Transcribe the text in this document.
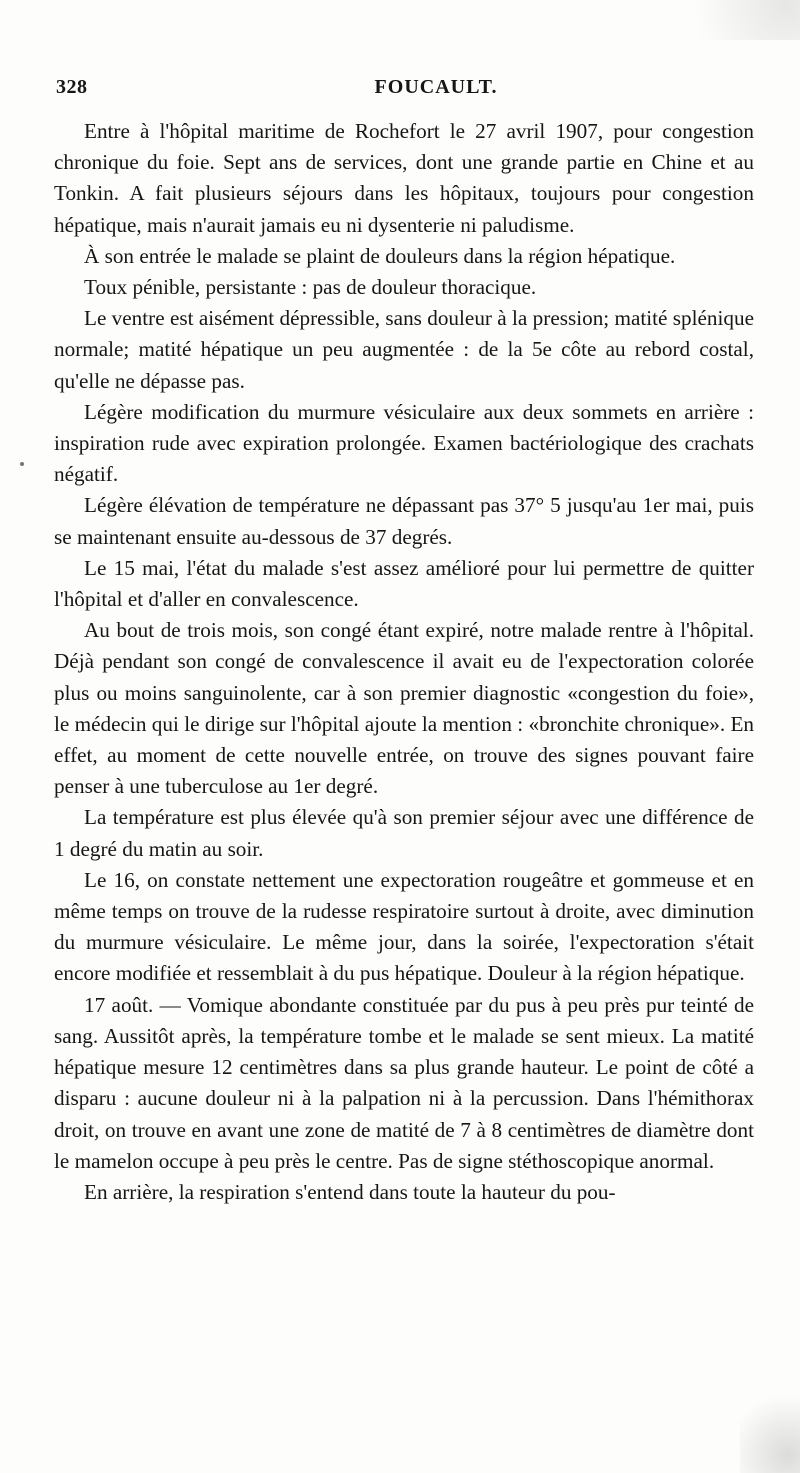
328	FOUCAULT.

Entre à l'hôpital maritime de Rochefort le 27 avril 1907, pour congestion chronique du foie. Sept ans de services, dont une grande partie en Chine et au Tonkin. A fait plusieurs séjours dans les hôpitaux, toujours pour congestion hépatique, mais n'aurait jamais eu ni dysenterie ni paludisme.

À son entrée le malade se plaint de douleurs dans la région hépatique.

Toux pénible, persistante : pas de douleur thoracique.

Le ventre est aisément dépressible, sans douleur à la pression; matité splénique normale; matité hépatique un peu augmentée : de la 5e côte au rebord costal, qu'elle ne dépasse pas.

Légère modification du murmure vésiculaire aux deux sommets en arrière : inspiration rude avec expiration prolongée. Examen bactériologique des crachats négatif.

Légère élévation de température ne dépassant pas 37° 5 jusqu'au 1er mai, puis se maintenant ensuite au-dessous de 37 degrés.

Le 15 mai, l'état du malade s'est assez amélioré pour lui permettre de quitter l'hôpital et d'aller en convalescence.

Au bout de trois mois, son congé étant expiré, notre malade rentre à l'hôpital. Déjà pendant son congé de convalescence il avait eu de l'expectoration colorée plus ou moins sanguinolente, car à son premier diagnostic «congestion du foie», le médecin qui le dirige sur l'hôpital ajoute la mention : «bronchite chronique». En effet, au moment de cette nouvelle entrée, on trouve des signes pouvant faire penser à une tuberculose au 1er degré.

La température est plus élevée qu'à son premier séjour avec une différence de 1 degré du matin au soir.

Le 16, on constate nettement une expectoration rougeâtre et gommeuse et en même temps on trouve de la rudesse respiratoire surtout à droite, avec diminution du murmure vésiculaire. Le même jour, dans la soirée, l'expectoration s'était encore modifiée et ressemblait à du pus hépatique. Douleur à la région hépatique.

17 août. — Vomique abondante constituée par du pus à peu près pur teinté de sang. Aussitôt après, la température tombe et le malade se sent mieux. La matité hépatique mesure 12 centimètres dans sa plus grande hauteur. Le point de côté a disparu : aucune douleur ni à la palpation ni à la percussion. Dans l'hémithorax droit, on trouve en avant une zone de matité de 7 à 8 centimètres de diamètre dont le mamelon occupe à peu près le centre. Pas de signe stéthoscopique anormal.

En arrière, la respiration s'entend dans toute la hauteur du pou-
